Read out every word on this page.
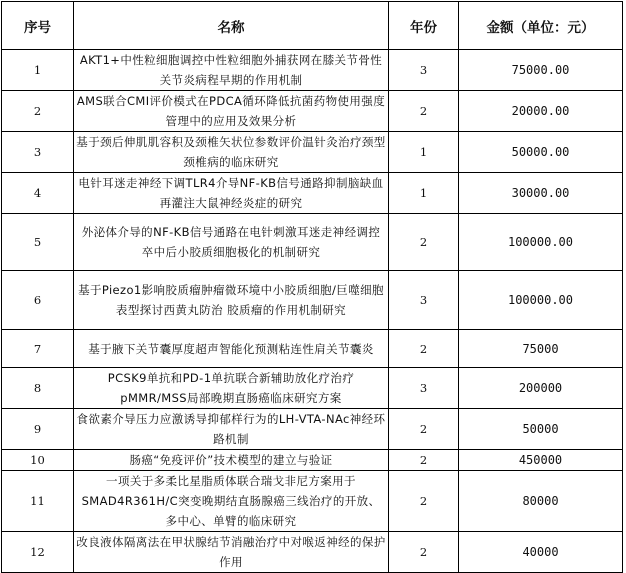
序号	名称	年份	金额（单位：元）
1	AKT1+中性粒细胞调控中性粒细胞外捕获网在膝关节骨性关节炎病程早期的作用机制	3	75000.00
2	AMS联合CMI评价模式在PDCA循环降低抗菌药物使用强度管理中的应用及效果分析	2	20000.00
3	基于颈后伸肌肌容积及颈椎矢状位参数评价温针灸治疗颈型颈椎病的临床研究	1	50000.00
4	电针耳迷走神经下调TLR4介导NF-KB信号通路抑制脑缺血再灌注大鼠神经炎症的研究	1	30000.00
5	外泌体介导的NF-KB信号通路在电针刺激耳迷走神经调控卒中后小胶质细胞极化的机制研究	2	100000.00
6	基于Piezo1影响胶质瘤肿瘤微环境中小胶质细胞/巨噬细胞表型探讨西黄丸防治 胶质瘤的作用机制研究	3	100000.00
7	基于腋下关节囊厚度超声智能化预测粘连性肩关节囊炎	2	75000
8	PCSK9单抗和PD-1单抗联合新辅助放化疗治疗pMMR/MSS局部晚期直肠癌临床研究方案	3	200000
9	食欲素介导压力应激诱导抑郁样行为的LH-VTA-NAc神经环路机制	2	50000
10	肠癌“免疫评价”技术模型的建立与验证	2	450000
11	一项关于多柔比星脂质体联合瑞戈非尼方案用于SMAD4R361H/C突变晚期结直肠腺癌三线治疗的开放、多中心、单臂的临床研究	2	80000
12	改良液体隔离法在甲状腺结节消融治疗中对喉返神经的保护作用	2	40000
